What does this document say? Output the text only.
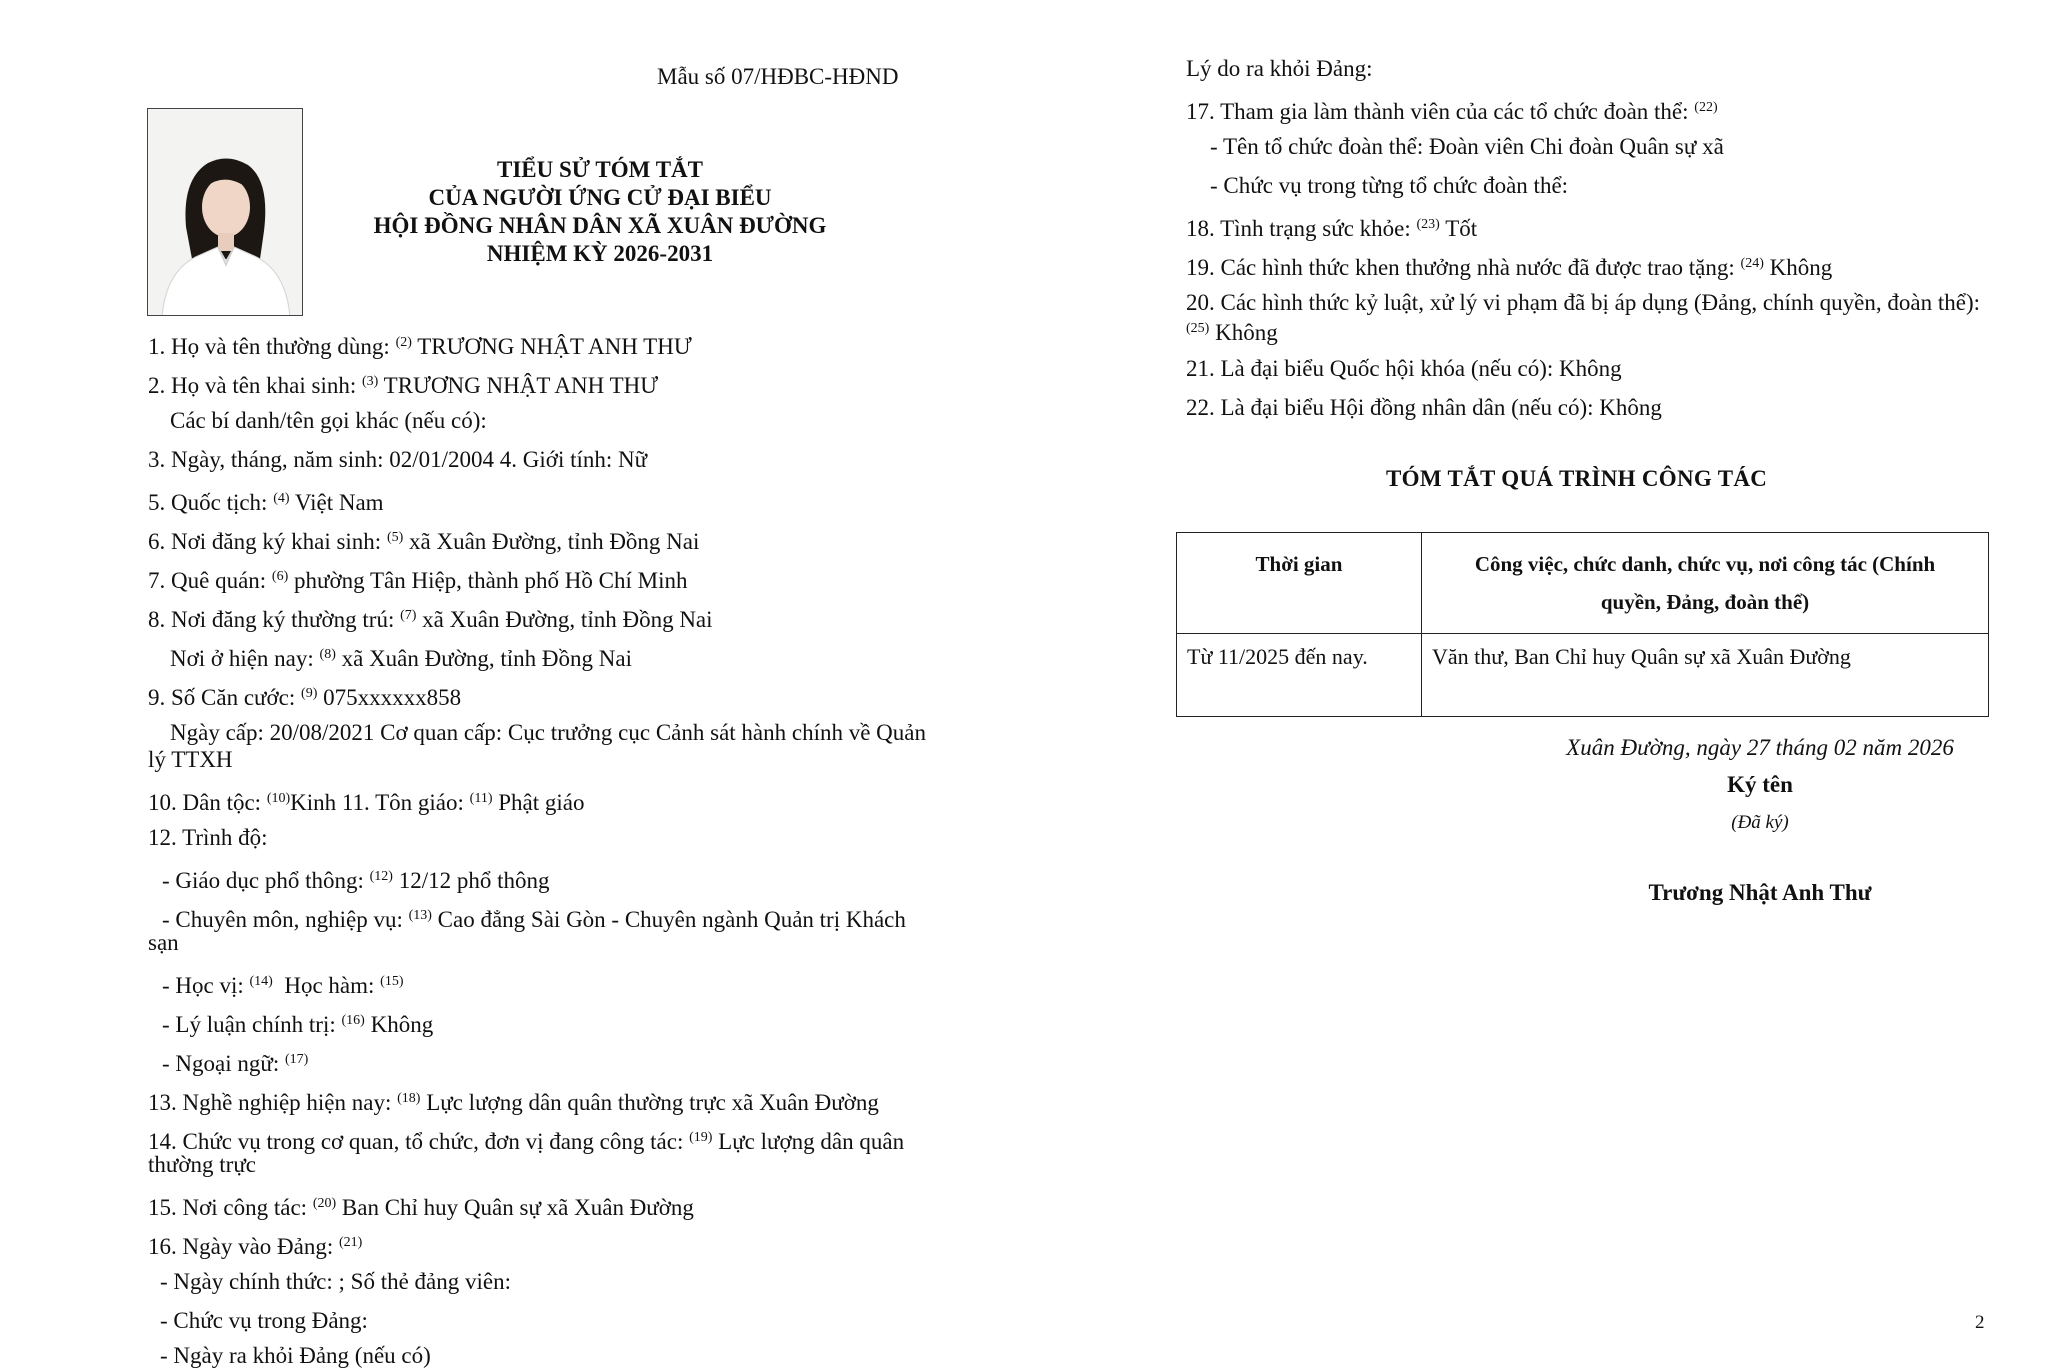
Mẫu số 07/HĐBC-HĐND
TIỂU SỬ TÓM TẮT
CỦA NGƯỜI ỨNG CỬ ĐẠI BIỂU
HỘI ĐỒNG NHÂN DÂN XÃ XUÂN ĐƯỜNG
NHIỆM KỲ 2026-2031
1. Họ và tên thường dùng: $^{(2)}$ TRƯƠNG NHẬT ANH THƯ
2. Họ và tên khai sinh: $^{(3)}$ TRƯƠNG NHẬT ANH THƯ
Các bí danh/tên gọi khác (nếu có):
3. Ngày, tháng, năm sinh: 02/01/2004 4. Giới tính: Nữ
5. Quốc tịch: $^{(4)}$ Việt Nam
6. Nơi đăng ký khai sinh: $^{(5)}$ xã Xuân Đường, tỉnh Đồng Nai
7. Quê quán: $^{(6)}$ phường Tân Hiệp, thành phố Hồ Chí Minh
8. Nơi đăng ký thường trú: $^{(7)}$ xã Xuân Đường, tỉnh Đồng Nai
Nơi ở hiện nay: $^{(8)}$ xã Xuân Đường, tỉnh Đồng Nai
9. Số Căn cước: $^{(9)}$ 075xxxxxx858
Ngày cấp: 20/08/2021 Cơ quan cấp: Cục trưởng cục Cảnh sát hành chính về Quản
lý TTXH
10. Dân tộc: $^{(10)}$Kinh 11. Tôn giáo: $^{(11)}$ Phật giáo
12. Trình độ:
- Giáo dục phổ thông: $^{(12)}$ 12/12 phổ thông
- Chuyên môn, nghiệp vụ: $^{(13)}$ Cao đẳng Sài Gòn - Chuyên ngành Quản trị Khách
sạn
- Học vị: $^{(14)}$ Học hàm: $^{(15)}$
- Lý luận chính trị: $^{(16)}$ Không
- Ngoại ngữ: $^{(17)}$
13. Nghề nghiệp hiện nay: $^{(18)}$ Lực lượng dân quân thường trực xã Xuân Đường
14. Chức vụ trong cơ quan, tổ chức, đơn vị đang công tác: $^{(19)}$ Lực lượng dân quân
thường trực
15. Nơi công tác: $^{(20)}$ Ban Chỉ huy Quân sự xã Xuân Đường
16. Ngày vào Đảng: $^{(21)}$
- Ngày chính thức: ; Số thẻ đảng viên:
- Chức vụ trong Đảng:
- Ngày ra khỏi Đảng (nếu có)
Lý do ra khỏi Đảng:
17. Tham gia làm thành viên của các tổ chức đoàn thể: $^{(22)}$
- Tên tổ chức đoàn thể: Đoàn viên Chi đoàn Quân sự xã
- Chức vụ trong từng tổ chức đoàn thể:
18. Tình trạng sức khỏe: $^{(23)}$ Tốt
19. Các hình thức khen thưởng nhà nước đã được trao tặng: $^{(24)}$ Không
20. Các hình thức kỷ luật, xử lý vi phạm đã bị áp dụng (Đảng, chính quyền, đoàn thể): $^{(25)}$ Không
21. Là đại biểu Quốc hội khóa (nếu có): Không
22. Là đại biểu Hội đồng nhân dân (nếu có): Không
TÓM TẮT QUÁ TRÌNH CÔNG TÁC
Thời gian	Công việc, chức danh, chức vụ, nơi công tác (Chính
quyền, Đảng, đoàn thể)
Từ 11/2025 đến nay.	Văn thư, Ban Chỉ huy Quân sự xã Xuân Đường
Xuân Đường, ngày 27 tháng 02 năm 2026
Ký tên
(Đã ký)
Trương Nhật Anh Thư
2
